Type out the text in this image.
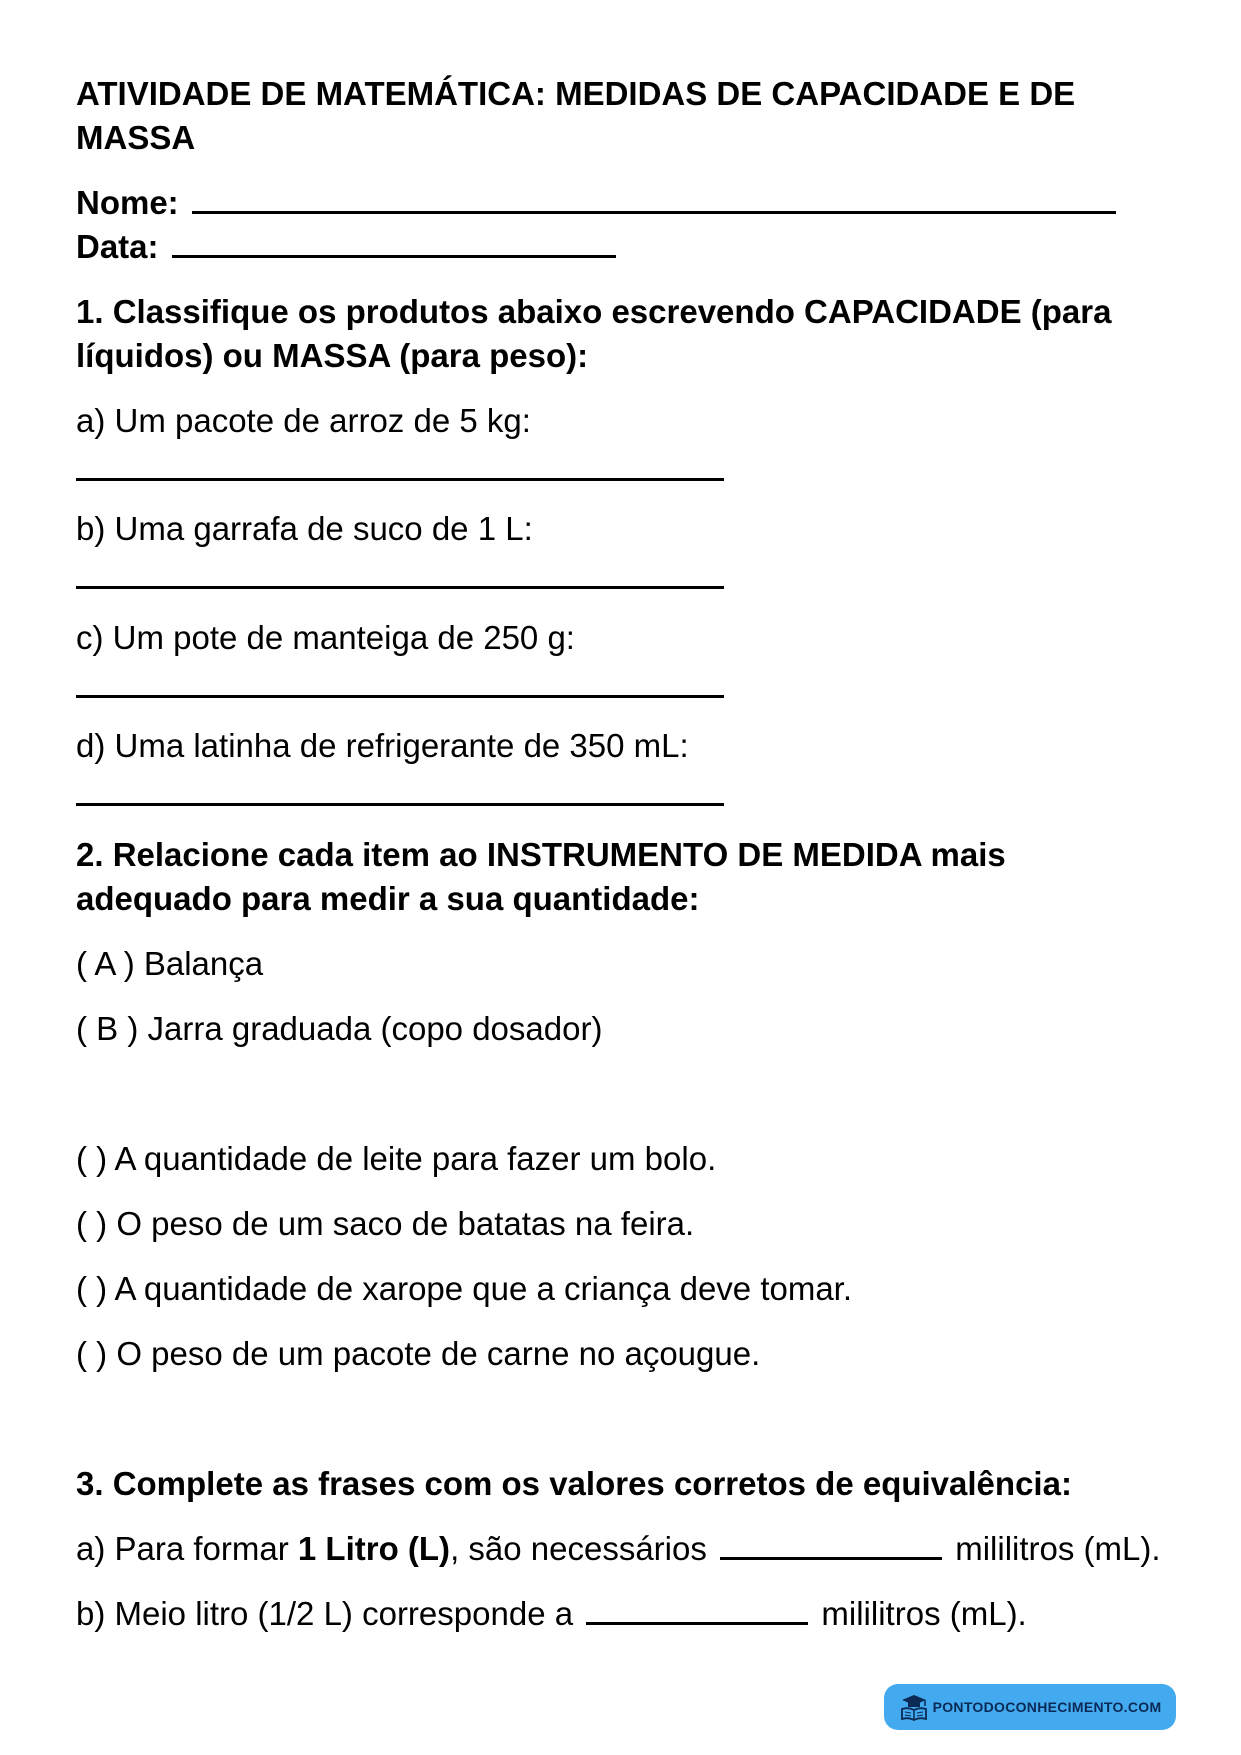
ATIVIDADE DE MATEMÁTICA: MEDIDAS DE CAPACIDADE E DE
MASSA
Nome:
Data:
1. Classifique os produtos abaixo escrevendo CAPACIDADE (para
líquidos) ou MASSA (para peso):
a) Um pacote de arroz de 5 kg:
b) Uma garrafa de suco de 1 L:
c) Um pote de manteiga de 250 g:
d) Uma latinha de refrigerante de 350 mL:
2. Relacione cada item ao INSTRUMENTO DE MEDIDA mais
adequado para medir a sua quantidade:
( A ) Balança
( B ) Jarra graduada (copo dosador)
( ) A quantidade de leite para fazer um bolo.
( ) O peso de um saco de batatas na feira.
( ) A quantidade de xarope que a criança deve tomar.
( ) O peso de um pacote de carne no açougue.
3. Complete as frases com os valores corretos de equivalência:
a) Para formar 1 Litro (L), são necessários	mililitros (mL).
b) Meio litro (1/2 L) corresponde a	mililitros (mL).
PONTODOCONHECIMENTO.COM
